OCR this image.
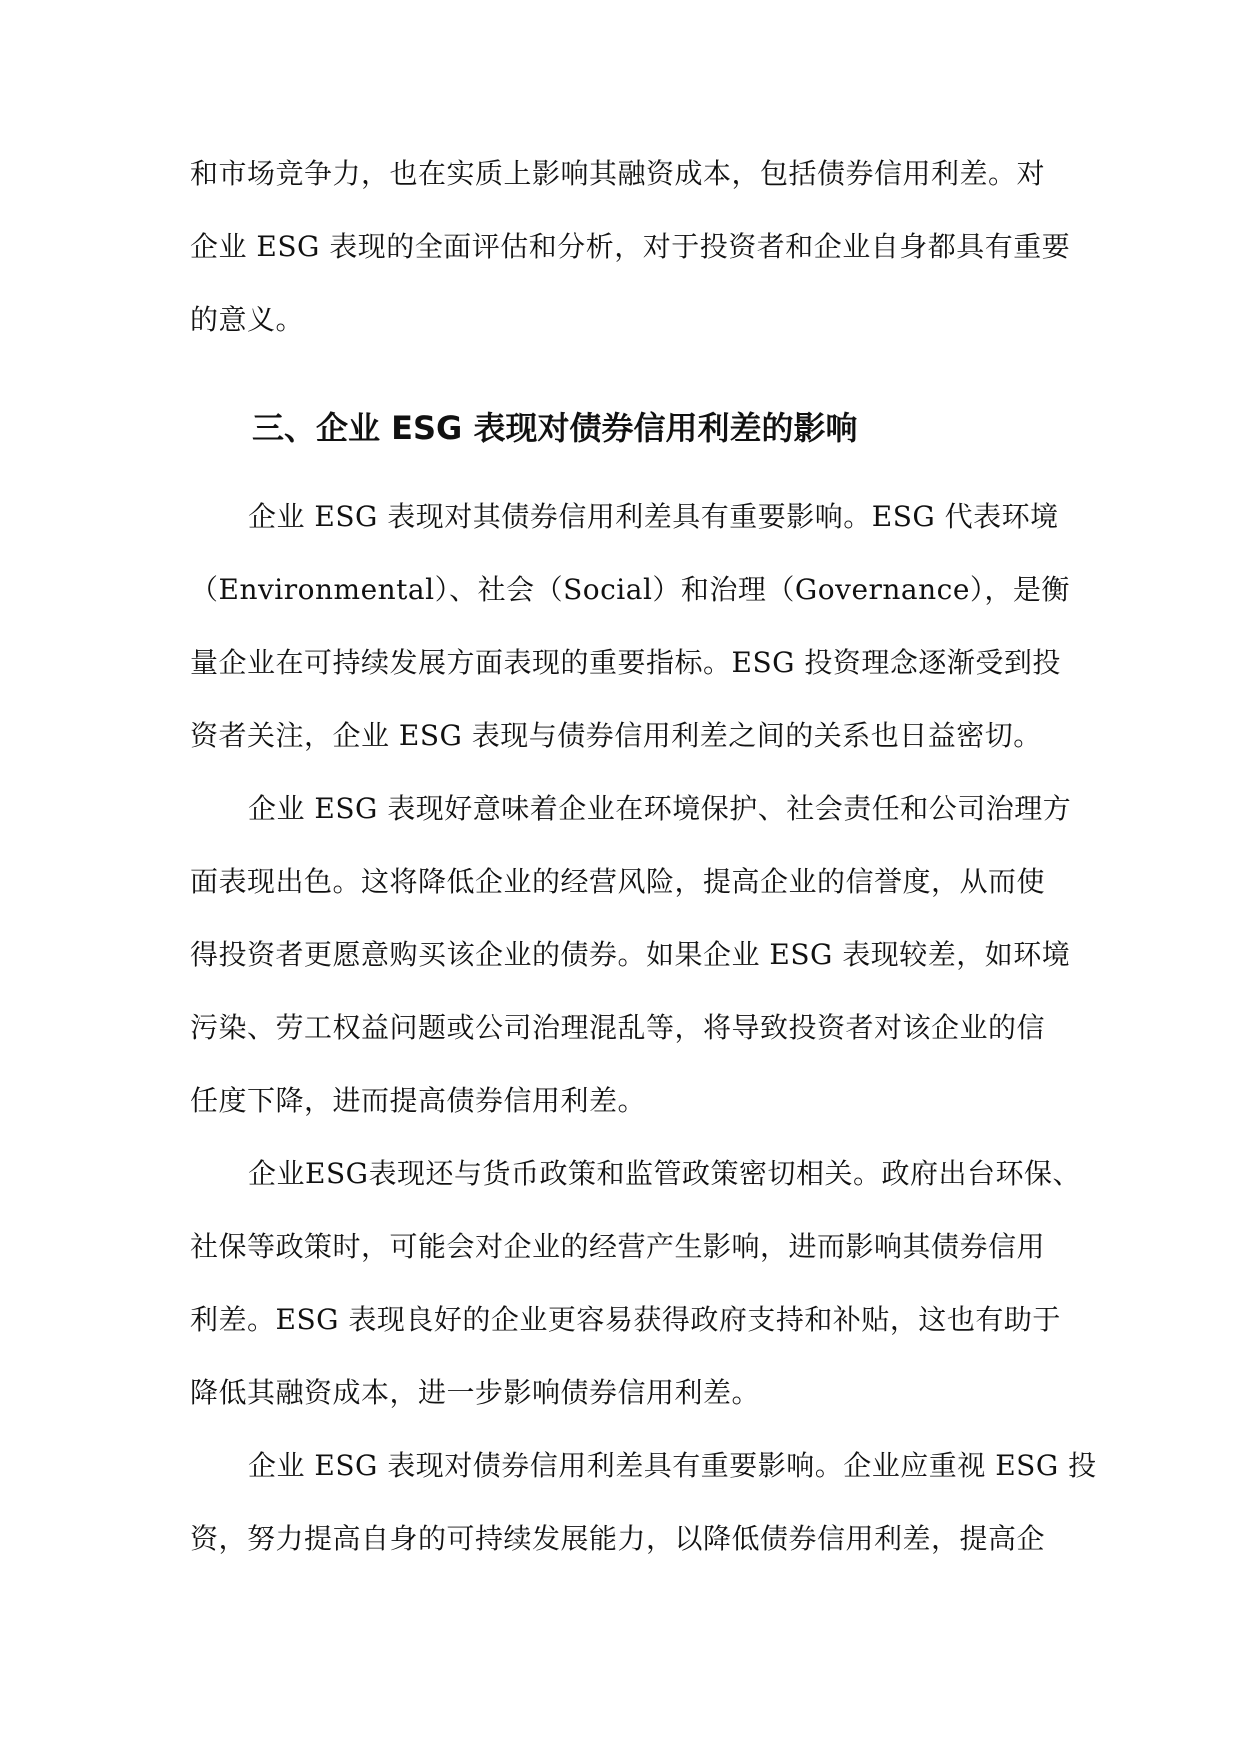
和市场竞争力，也在实质上影响其融资成本，包括债券信用利差。对
企业 ESG 表现的全面评估和分析，对于投资者和企业自身都具有重要
的意义。
三、企业 ESG 表现对债券信用利差的影响
企业 ESG 表现对其债券信用利差具有重要影响。ESG 代表环境
（Environmental）、社会（Social）和治理（Governance），是衡
量企业在可持续发展方面表现的重要指标。ESG 投资理念逐渐受到投
资者关注，企业 ESG 表现与债券信用利差之间的关系也日益密切。
企业 ESG 表现好意味着企业在环境保护、社会责任和公司治理方
面表现出色。这将降低企业的经营风险，提高企业的信誉度，从而使
得投资者更愿意购买该企业的债券。如果企业 ESG 表现较差，如环境
污染、劳工权益问题或公司治理混乱等，将导致投资者对该企业的信
任度下降，进而提高债券信用利差。
企业ESG表现还与货币政策和监管政策密切相关。政府出台环保、
社保等政策时，可能会对企业的经营产生影响，进而影响其债券信用
利差。ESG 表现良好的企业更容易获得政府支持和补贴，这也有助于
降低其融资成本，进一步影响债券信用利差。
企业 ESG 表现对债券信用利差具有重要影响。企业应重视 ESG 投
资，努力提高自身的可持续发展能力，以降低债券信用利差，提高企
